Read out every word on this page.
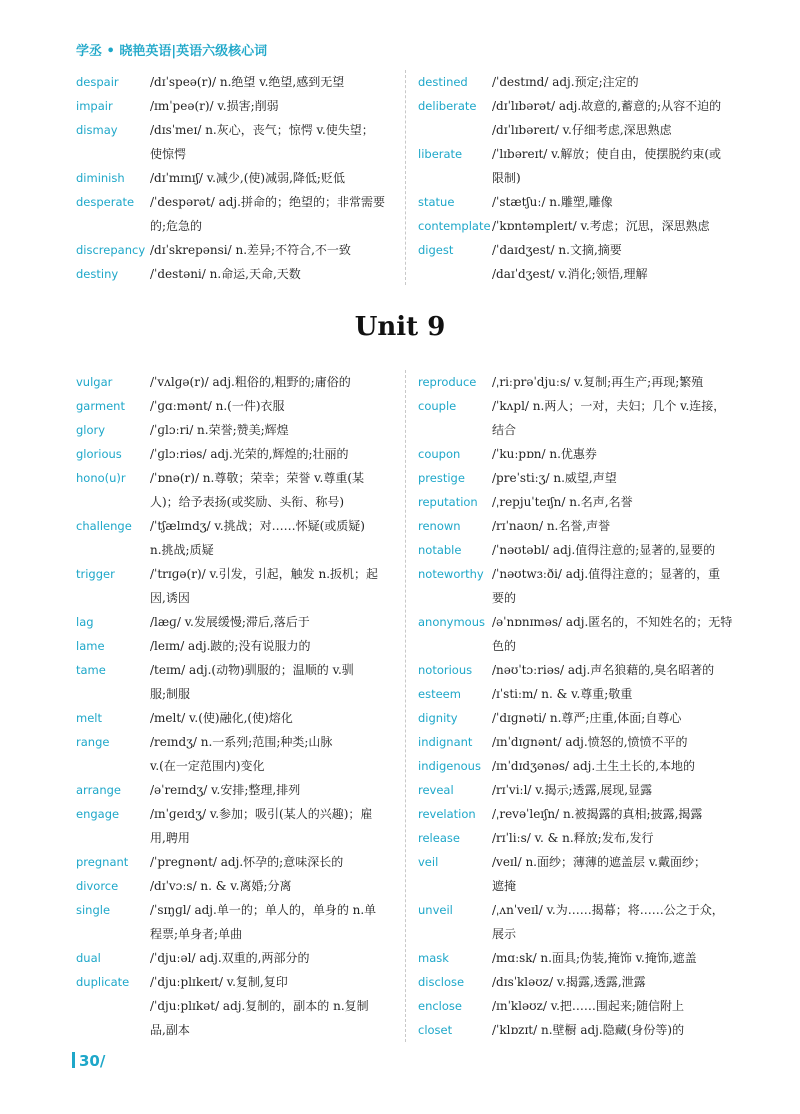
学丞 • 晓艳英语|英语六级核心词
despair	/dɪˈspeə(r)/ n.绝望 v.绝望,感到无望
impair	/ɪmˈpeə(r)/ v.损害;削弱
dismay	/dɪsˈmeɪ/ n.灰心，丧气；惊愕 v.使失望；
使惊愕
diminish	/dɪˈmɪnɪʃ/ v.减少,(使)减弱,降低;贬低
desperate	/ˈdespərət/ adj.拼命的；绝望的；非常需要
的;危急的
discrepancy /dɪˈskrepənsi/ n.差异;不符合,不一致
destiny	/ˈdestəni/ n.命运,天命,天数
destined	/ˈdestɪnd/ adj.预定;注定的
deliberate	/dɪˈlɪbərət/ adj.故意的,蓄意的;从容不迫的
/dɪˈlɪbəreɪt/ v.仔细考虑,深思熟虑
liberate	/ˈlɪbəreɪt/ v.解放；使自由，使摆脱约束(或
限制)
statue	/ˈstætʃuː/ n.雕塑,雕像
contemplate /ˈkɒntəmpleɪt/ v.考虑；沉思，深思熟虑
digest	/ˈdaɪdʒest/ n.文摘,摘要
/daɪˈdʒest/ v.消化;领悟,理解
Unit 9
vulgar	/ˈvʌlɡə(r)/ adj.粗俗的,粗野的;庸俗的
garment	/ˈɡɑːmənt/ n.(一件)衣服
glory	/ˈɡlɔːri/ n.荣誉;赞美;辉煌
glorious	/ˈɡlɔːriəs/ adj.光荣的,辉煌的;壮丽的
hono(u)r	/ˈɒnə(r)/ n.尊敬；荣幸；荣誉 v.尊重(某
人)；给予表扬(或奖励、头衔、称号)
challenge	/ˈtʃælɪndʒ/ v.挑战；对……怀疑(或质疑)
n.挑战;质疑
trigger	/ˈtrɪɡə(r)/ v.引发，引起，触发 n.扳机；起
因,诱因
lag	/læɡ/ v.发展缓慢;滞后,落后于
lame	/leɪm/ adj.跛的;没有说服力的
tame	/teɪm/ adj.(动物)驯服的；温顺的 v.驯
服;制服
melt	/melt/ v.(使)融化,(使)熔化
range	/reɪndʒ/ n.一系列;范围;种类;山脉
v.(在一定范围内)变化
arrange	/əˈreɪndʒ/ v.安排;整理,排列
engage	/ɪnˈɡeɪdʒ/ v.参加；吸引(某人的兴趣)；雇
用,聘用
pregnant	/ˈpreɡnənt/ adj.怀孕的;意味深长的
divorce	/dɪˈvɔːs/ n. & v.离婚;分离
single	/ˈsɪŋɡl/ adj.单一的；单人的，单身的 n.单
程票;单身者;单曲
dual	/ˈdjuːəl/ adj.双重的,两部分的
duplicate	/ˈdjuːplɪkeɪt/ v.复制,复印
/ˈdjuːplɪkət/ adj.复制的，副本的 n.复制
品,副本
reproduce	/ˌriːprəˈdjuːs/ v.复制;再生产;再现;繁殖
couple	/ˈkʌpl/ n.两人；一对，夫妇；几个 v.连接，
结合
coupon	/ˈkuːpɒn/ n.优惠券
prestige	/preˈstiːʒ/ n.威望,声望
reputation	/ˌrepjuˈteɪʃn/ n.名声,名誉
renown	/rɪˈnaʊn/ n.名誉,声誉
notable	/ˈnəʊtəbl/ adj.值得注意的;显著的,显要的
noteworthy /ˈnəʊtwɜːði/ adj.值得注意的；显著的，重
要的
anonymous /əˈnɒnɪməs/ adj.匿名的，不知姓名的；无特
色的
notorious	/nəʊˈtɔːriəs/ adj.声名狼藉的,臭名昭著的
esteem	/ɪˈstiːm/ n. & v.尊重;敬重
dignity	/ˈdɪɡnəti/ n.尊严;庄重,体面;自尊心
indignant	/ɪnˈdɪɡnənt/ adj.愤怒的,愤愤不平的
indigenous /ɪnˈdɪdʒənəs/ adj.土生土长的,本地的
reveal	/rɪˈviːl/ v.揭示;透露,展现,显露
revelation	/ˌrevəˈleɪʃn/ n.被揭露的真相;披露,揭露
release	/rɪˈliːs/ v. & n.释放;发布,发行
veil	/veɪl/ n.面纱；薄薄的遮盖层 v.戴面纱；
遮掩
unveil	/ˌʌnˈveɪl/ v.为……揭幕；将……公之于众，
展示
mask	/mɑːsk/ n.面具;伪装,掩饰 v.掩饰,遮盖
disclose	/dɪsˈkləʊz/ v.揭露,透露,泄露
enclose	/ɪnˈkləʊz/ v.把……围起来;随信附上
closet	/ˈklɒzɪt/ n.壁橱 adj.隐藏(身份等)的
30/
